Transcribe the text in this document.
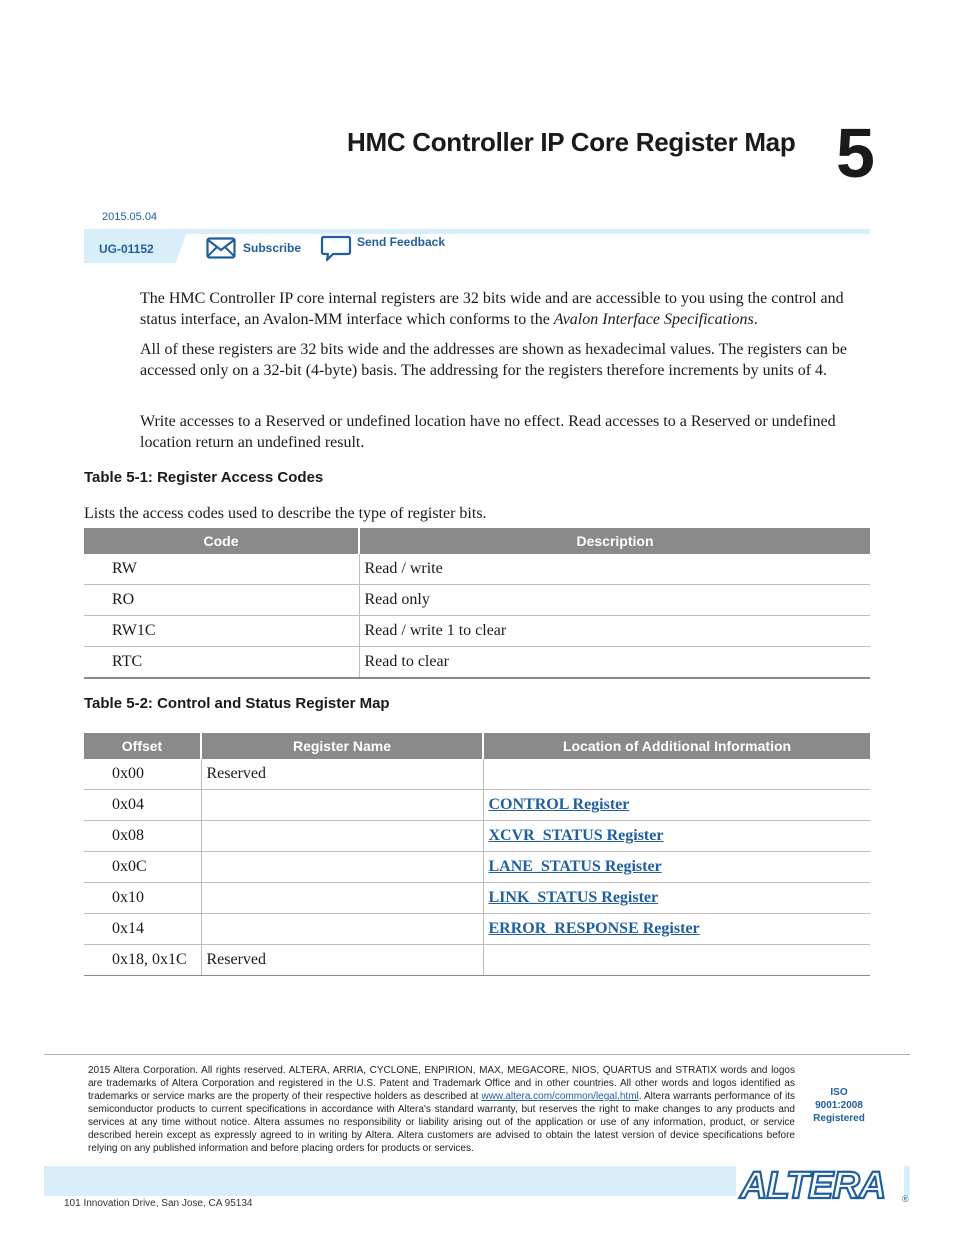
HMC Controller IP Core Register Map 5
2015.05.04
UG-01152	Subscribe	Send Feedback
The HMC Controller IP core internal registers are 32 bits wide and are accessible to you using the control and status interface, an Avalon-MM interface which conforms to the Avalon Interface Specifications.
All of these registers are 32 bits wide and the addresses are shown as hexadecimal values. The registers can be accessed only on a 32-bit (4-byte) basis. The addressing for the registers therefore increments by units of 4.
Write accesses to a Reserved or undefined location have no effect. Read accesses to a Reserved or undefined location return an undefined result.
Table 5-1: Register Access Codes
Lists the access codes used to describe the type of register bits.
Code	Description
RW	Read / write
RO	Read only
RW1C	Read / write 1 to clear
RTC	Read to clear
Table 5-2: Control and Status Register Map
Offset	Register Name	Location of Additional Information
0x00	Reserved	
0x04		CONTROL Register
0x08		XCVR_STATUS Register
0x0C		LANE_STATUS Register
0x10		LINK_STATUS Register
0x14		ERROR_RESPONSE Register
0x18, 0x1C	Reserved	
2015 Altera Corporation. All rights reserved. ALTERA, ARRIA, CYCLONE, ENPIRION, MAX, MEGACORE, NIOS, QUARTUS and STRATIX words and logos are trademarks of Altera Corporation and registered in the U.S. Patent and Trademark Office and in other countries. All other words and logos identified as trademarks or service marks are the property of their respective holders as described at www.altera.com/common/legal.html. Altera warrants performance of its semiconductor products to current specifications in accordance with Altera's standard warranty, but reserves the right to make changes to any products and services at any time without notice. Altera assumes no responsibility or liability arising out of the application or use of any information, product, or service described herein except as expressly agreed to in writing by Altera. Altera customers are advised to obtain the latest version of device specifications before relying on any published information and before placing orders for products or services.
ISO
9001:2008
Registered
101 Innovation Drive, San Jose, CA 95134	ALTERA ®
